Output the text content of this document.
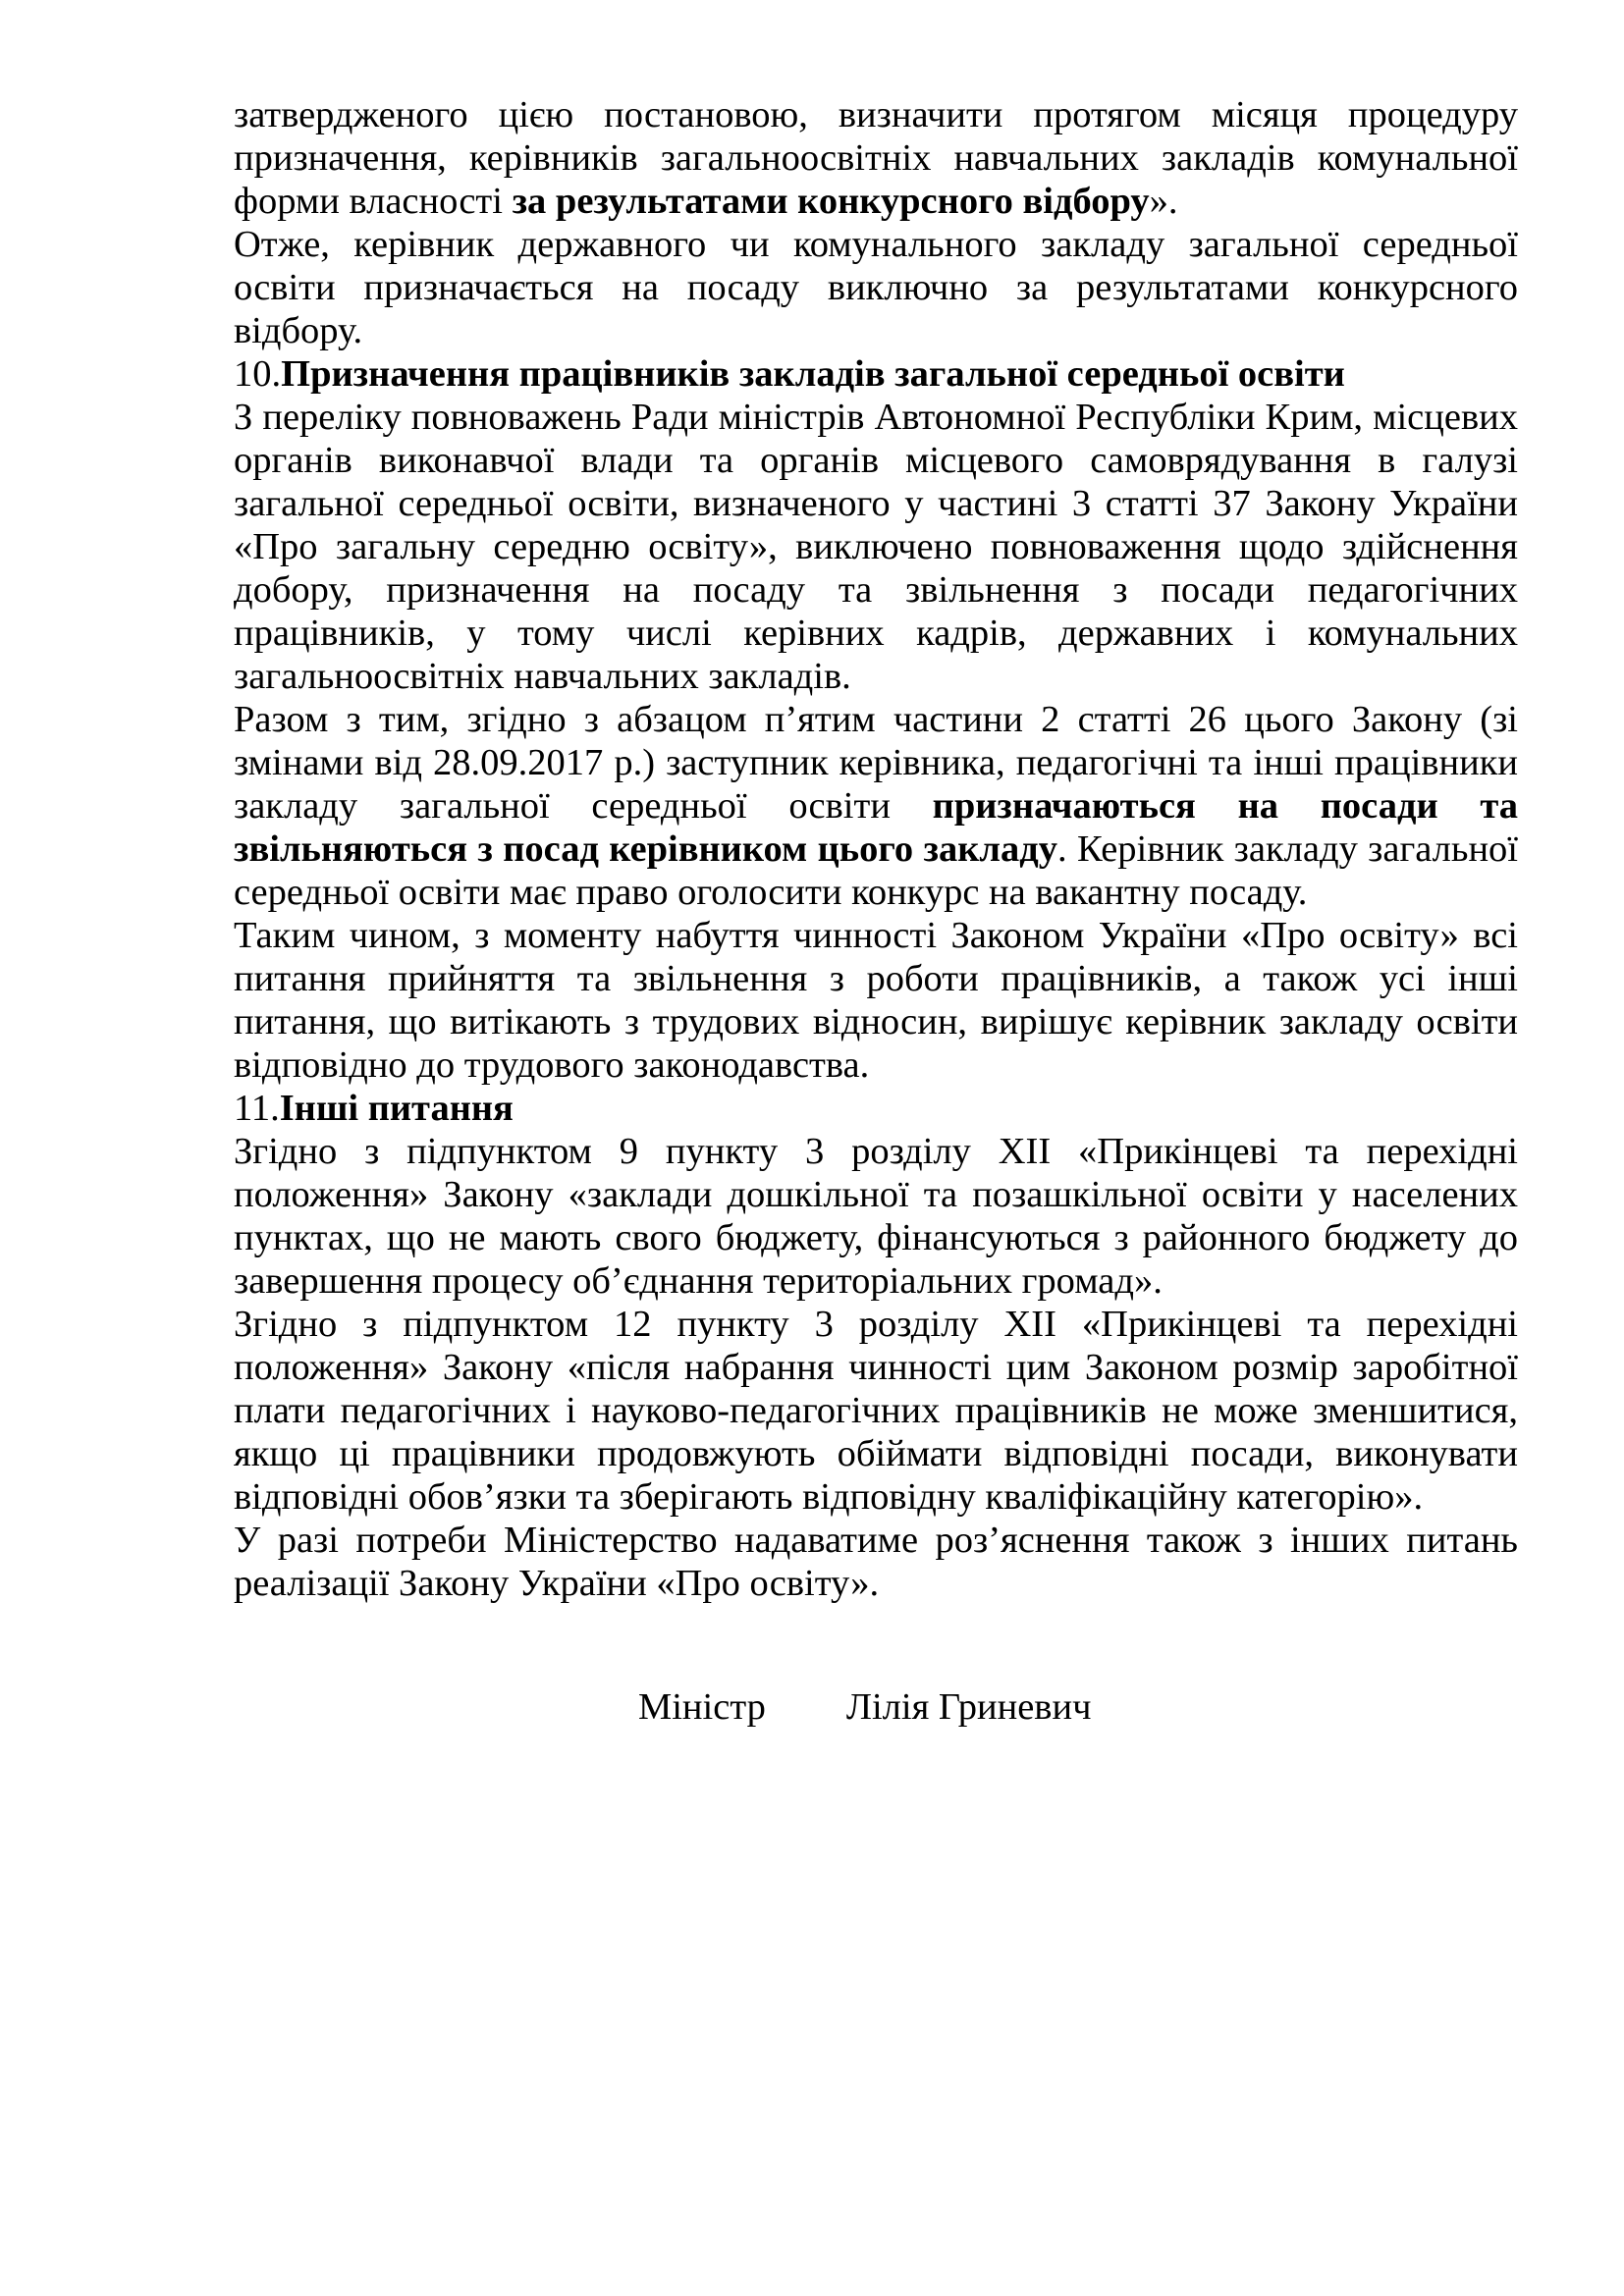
затвердженого цією постановою, визначити протягом місяця процедуру призначення, керівників загальноосвітніх навчальних закладів комунальної форми власності за результатами конкурсного відбору».

Отже, керівник державного чи комунального закладу загальної середньої освіти призначається на посаду виключно за результатами конкурсного відбору.

10.Призначення працівників закладів загальної середньої освіти

З переліку повноважень Ради міністрів Автономної Республіки Крим, місцевих органів виконавчої влади та органів місцевого самоврядування в галузі загальної середньої освіти, визначеного у частині 3 статті 37 Закону України «Про загальну середню освіту», виключено повноваження щодо здійснення добору, призначення на посаду та звільнення з посади педагогічних працівників, у тому числі керівних кадрів, державних і комунальних загальноосвітніх навчальних закладів.

Разом з тим, згідно з абзацом п’ятим частини 2 статті 26 цього Закону (зі змінами від 28.09.2017 р.) заступник керівника, педагогічні та інші працівники закладу загальної середньої освіти призначаються на посади та звільняються з посад керівником цього закладу. Керівник закладу загальної середньої освіти має право оголосити конкурс на вакантну посаду.

Таким чином, з моменту набуття чинності Законом України «Про освіту» всі питання прийняття та звільнення з роботи працівників, а також усі інші питання, що витікають з трудових відносин, вирішує керівник закладу освіти відповідно до трудового законодавства.

11.Інші питання

Згідно з підпунктом 9 пункту 3 розділу XII «Прикінцеві та перехідні положення» Закону «заклади дошкільної та позашкільної освіти у населених пунктах, що не мають свого бюджету, фінансуються з районного бюджету до завершення процесу об’єднання територіальних громад».

Згідно з підпунктом 12 пункту 3 розділу XII «Прикінцеві та перехідні положення» Закону «після набрання чинності цим Законом розмір заробітної плати педагогічних і науково-педагогічних працівників не може зменшитися, якщо ці працівники продовжують обіймати відповідні посади, виконувати відповідні обов’язки та зберігають відповідну кваліфікаційну категорію».

У разі потреби Міністерство надаватиме роз’яснення також з інших питань реалізації Закону України «Про освіту».

Міністр Лілія Гриневич
